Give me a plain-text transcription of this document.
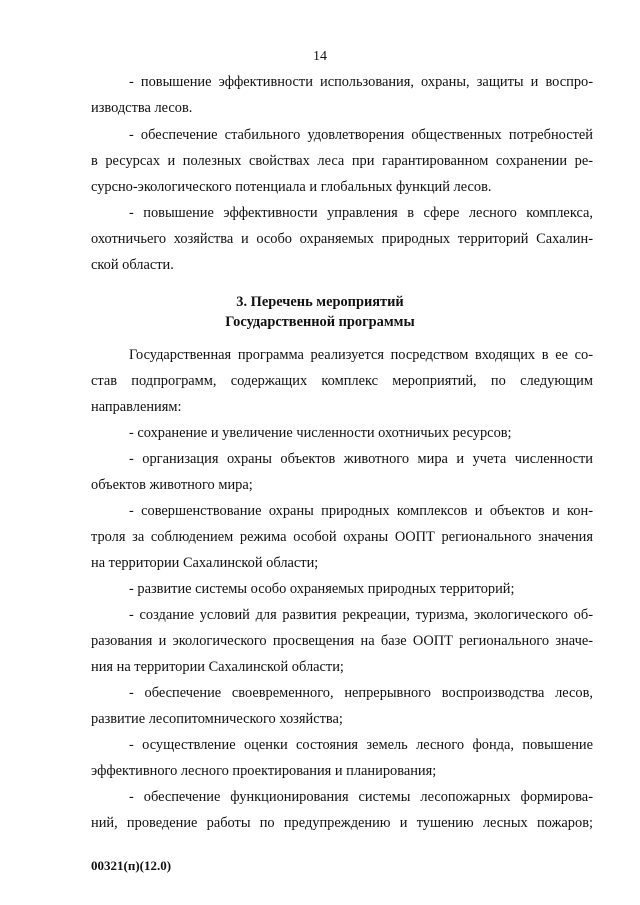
14
- повышение эффективности использования, охраны, защиты и воспро-
изводства лесов.
- обеспечение стабильного удовлетворения общественных потребностей
в ресурсах и полезных свойствах леса при гарантированном сохранении ре-
сурсно-экологического потенциала и глобальных функций лесов.
- повышение эффективности управления в сфере лесного комплекса,
охотничьего хозяйства и особо охраняемых природных территорий Сахалин-
ской области.
3. Перечень мероприятий
Государственной программы
Государственная программа реализуется посредством входящих в ее со-
став подпрограмм, содержащих комплекс мероприятий, по следующим
направлениям:
- сохранение и увеличение численности охотничьих ресурсов;
- организация охраны объектов животного мира и учета численности
объектов животного мира;
- совершенствование охраны природных комплексов и объектов и кон-
троля за соблюдением режима особой охраны ООПТ регионального значения
на территории Сахалинской области;
- развитие системы особо охраняемых природных территорий;
- создание условий для развития рекреации, туризма, экологического об-
разования и экологического просвещения на базе ООПТ регионального значе-
ния на территории Сахалинской области;
- обеспечение своевременного, непрерывного воспроизводства лесов,
развитие лесопитомнического хозяйства;
- осуществление оценки состояния земель лесного фонда, повышение
эффективного лесного проектирования и планирования;
- обеспечение функционирования системы лесопожарных формирова-
ний, проведение работы по предупреждению и тушению лесных пожаров;
00321(п)(12.0)
